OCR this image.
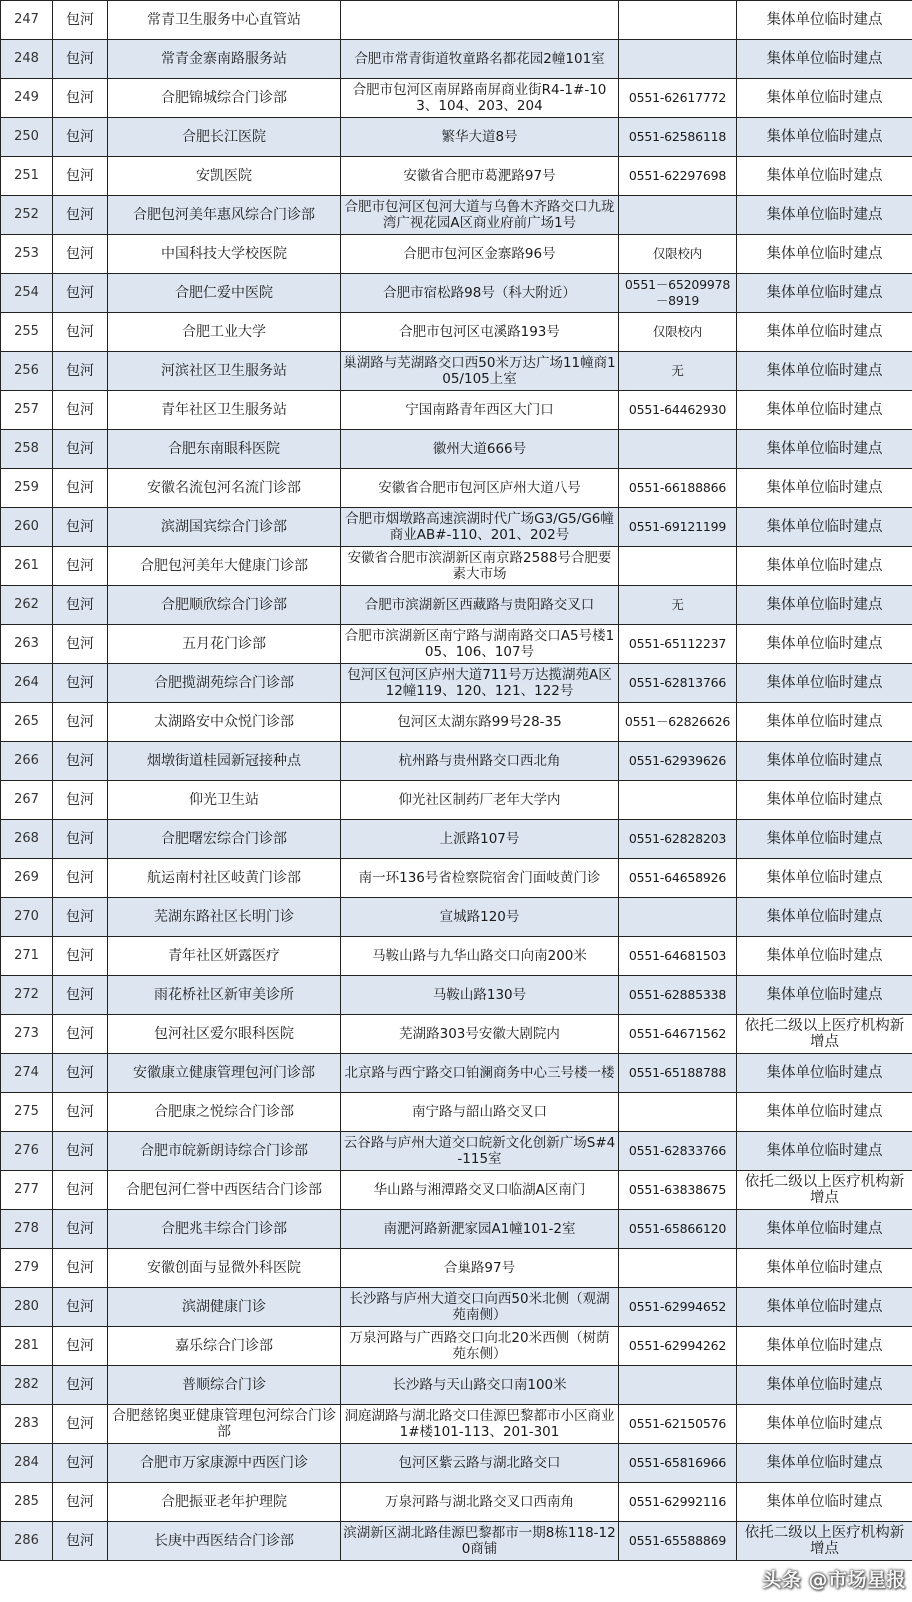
247	包河	常青卫生服务中心直管站			集体单位临时建点
248	包河	常青金寨南路服务站	合肥市常青街道牧童路名都花园2幢101室		集体单位临时建点
249	包河	合肥锦城综合门诊部	合肥市包河区南屏路南屏商业街R4-1#-103、104、203、204	0551-62617772	集体单位临时建点
250	包河	合肥长江医院	繁华大道8号	0551-62586118	集体单位临时建点
251	包河	安凯医院	安徽省合肥市葛淝路97号	0551-62297698	集体单位临时建点
252	包河	合肥包河美年惠风综合门诊部	合肥市包河区包河大道与乌鲁木齐路交口九珑湾广视花园A区商业府前广场1号		集体单位临时建点
253	包河	中国科技大学校医院	合肥市包河区金寨路96号	仅限校内	集体单位临时建点
254	包河	合肥仁爱中医院	合肥市宿松路98号（科大附近）	0551－65209978－8919	集体单位临时建点
255	包河	合肥工业大学	合肥市包河区屯溪路193号	仅限校内	集体单位临时建点
256	包河	河滨社区卫生服务站	巢湖路与芜湖路交口西50米万达广场11幢商105/105上室	无	集体单位临时建点
257	包河	青年社区卫生服务站	宁国南路青年西区大门口	0551-64462930	集体单位临时建点
258	包河	合肥东南眼科医院	徽州大道666号		集体单位临时建点
259	包河	安徽名流包河名流门诊部	安徽省合肥市包河区庐州大道八号	0551-66188866	集体单位临时建点
260	包河	滨湖国宾综合门诊部	合肥市烟墩路高速滨湖时代广场G3/G5/G6幢商业AB#-110、201、202号	0551-69121199	集体单位临时建点
261	包河	合肥包河美年大健康门诊部	安徽省合肥市滨湖新区南京路2588号合肥要素大市场		集体单位临时建点
262	包河	合肥顺欣综合门诊部	合肥市滨湖新区西藏路与贵阳路交叉口	无	集体单位临时建点
263	包河	五月花门诊部	合肥市滨湖新区南宁路与湖南路交口A5号楼105、106、107号	0551-65112237	集体单位临时建点
264	包河	合肥揽湖苑综合门诊部	包河区包河区庐州大道711号万达揽湖苑A区12幢119、120、121、122号	0551-62813766	集体单位临时建点
265	包河	太湖路安中众悦门诊部	包河区太湖东路99号28-35	0551－62826626	集体单位临时建点
266	包河	烟墩街道桂园新冠接种点	杭州路与贵州路交口西北角	0551-62939626	集体单位临时建点
267	包河	仰光卫生站	仰光社区制药厂老年大学内		集体单位临时建点
268	包河	合肥曙宏综合门诊部	上派路107号	0551-62828203	集体单位临时建点
269	包河	航运南村社区岐黄门诊部	南一环136号省检察院宿舍门面岐黄门诊	0551-64658926	集体单位临时建点
270	包河	芜湖东路社区长明门诊	宣城路120号		集体单位临时建点
271	包河	青年社区妍露医疗	马鞍山路与九华山路交口向南200米	0551-64681503	集体单位临时建点
272	包河	雨花桥社区新审美诊所	马鞍山路130号	0551-62885338	集体单位临时建点
273	包河	包河社区爱尔眼科医院	芜湖路303号安徽大剧院内	0551-64671562	依托二级以上医疗机构新增点
274	包河	安徽康立健康管理包河门诊部	北京路与西宁路交口铂澜商务中心三号楼一楼	0551-65188788	集体单位临时建点
275	包河	合肥康之悦综合门诊部	南宁路与韶山路交叉口		集体单位临时建点
276	包河	合肥市皖新朗诗综合门诊部	云谷路与庐州大道交口皖新文化创新广场S#4-115室	0551-62833766	集体单位临时建点
277	包河	合肥包河仁誉中西医结合门诊部	华山路与湘潭路交叉口临湖A区南门	0551-63838675	依托二级以上医疗机构新增点
278	包河	合肥兆丰综合门诊部	南淝河路新淝家园A1幢101-2室	0551-65866120	集体单位临时建点
279	包河	安徽创面与显微外科医院	合巢路97号		集体单位临时建点
280	包河	滨湖健康门诊	长沙路与庐州大道交口向西50米北侧（观湖苑南侧）	0551-62994652	集体单位临时建点
281	包河	嘉乐综合门诊部	万泉河路与广西路交口向北20米西侧（树荫苑东侧）	0551-62994262	集体单位临时建点
282	包河	普顺综合门诊	长沙路与天山路交口南100米		集体单位临时建点
283	包河	合肥慈铭奥亚健康管理包河综合门诊部	洞庭湖路与湖北路交口佳源巴黎都市小区商业1#楼101-113、201-301	0551-62150576	集体单位临时建点
284	包河	合肥市万家康源中西医门诊	包河区紫云路与湖北路交口	0551-65816966	集体单位临时建点
285	包河	合肥振亚老年护理院	万泉河路与湖北路交叉口西南角	0551-62992116	集体单位临时建点
286	包河	长庚中西医结合门诊部	滨湖新区湖北路佳源巴黎都市一期8栋118-120商铺	0551-65588869	依托二级以上医疗机构新增点
头条 @市场星报
